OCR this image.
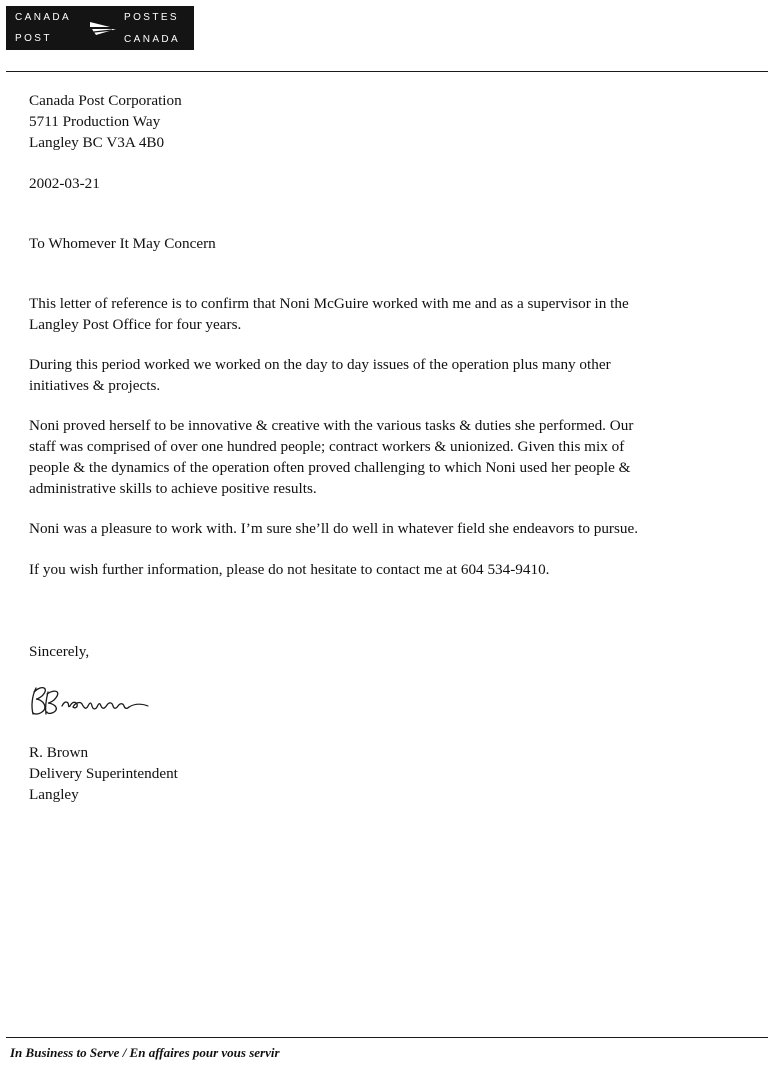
CANADA
POST
POSTES
CANADA
Canada Post Corporation
5711 Production Way
Langley BC V3A 4B0
2002-03-21
To Whomever It May Concern
This letter of reference is to confirm that Noni McGuire worked with me and as a supervisor in the
Langley Post Office for four years.
During this period worked we worked on the day to day issues of the operation plus many other
initiatives & projects.
Noni proved herself to be innovative & creative with the various tasks & duties she performed. Our
staff was comprised of over one hundred people; contract workers & unionized. Given this mix of
people & the dynamics of the operation often proved challenging to which Noni used her people &
administrative skills to achieve positive results.
Noni was a pleasure to work with. I’m sure she’ll do well in whatever field she endeavors to pursue.
If you wish further information, please do not hesitate to contact me at 604 534-9410.
Sincerely,
R. Brown
Delivery Superintendent
Langley
In Business to Serve / En affaires pour vous servir
